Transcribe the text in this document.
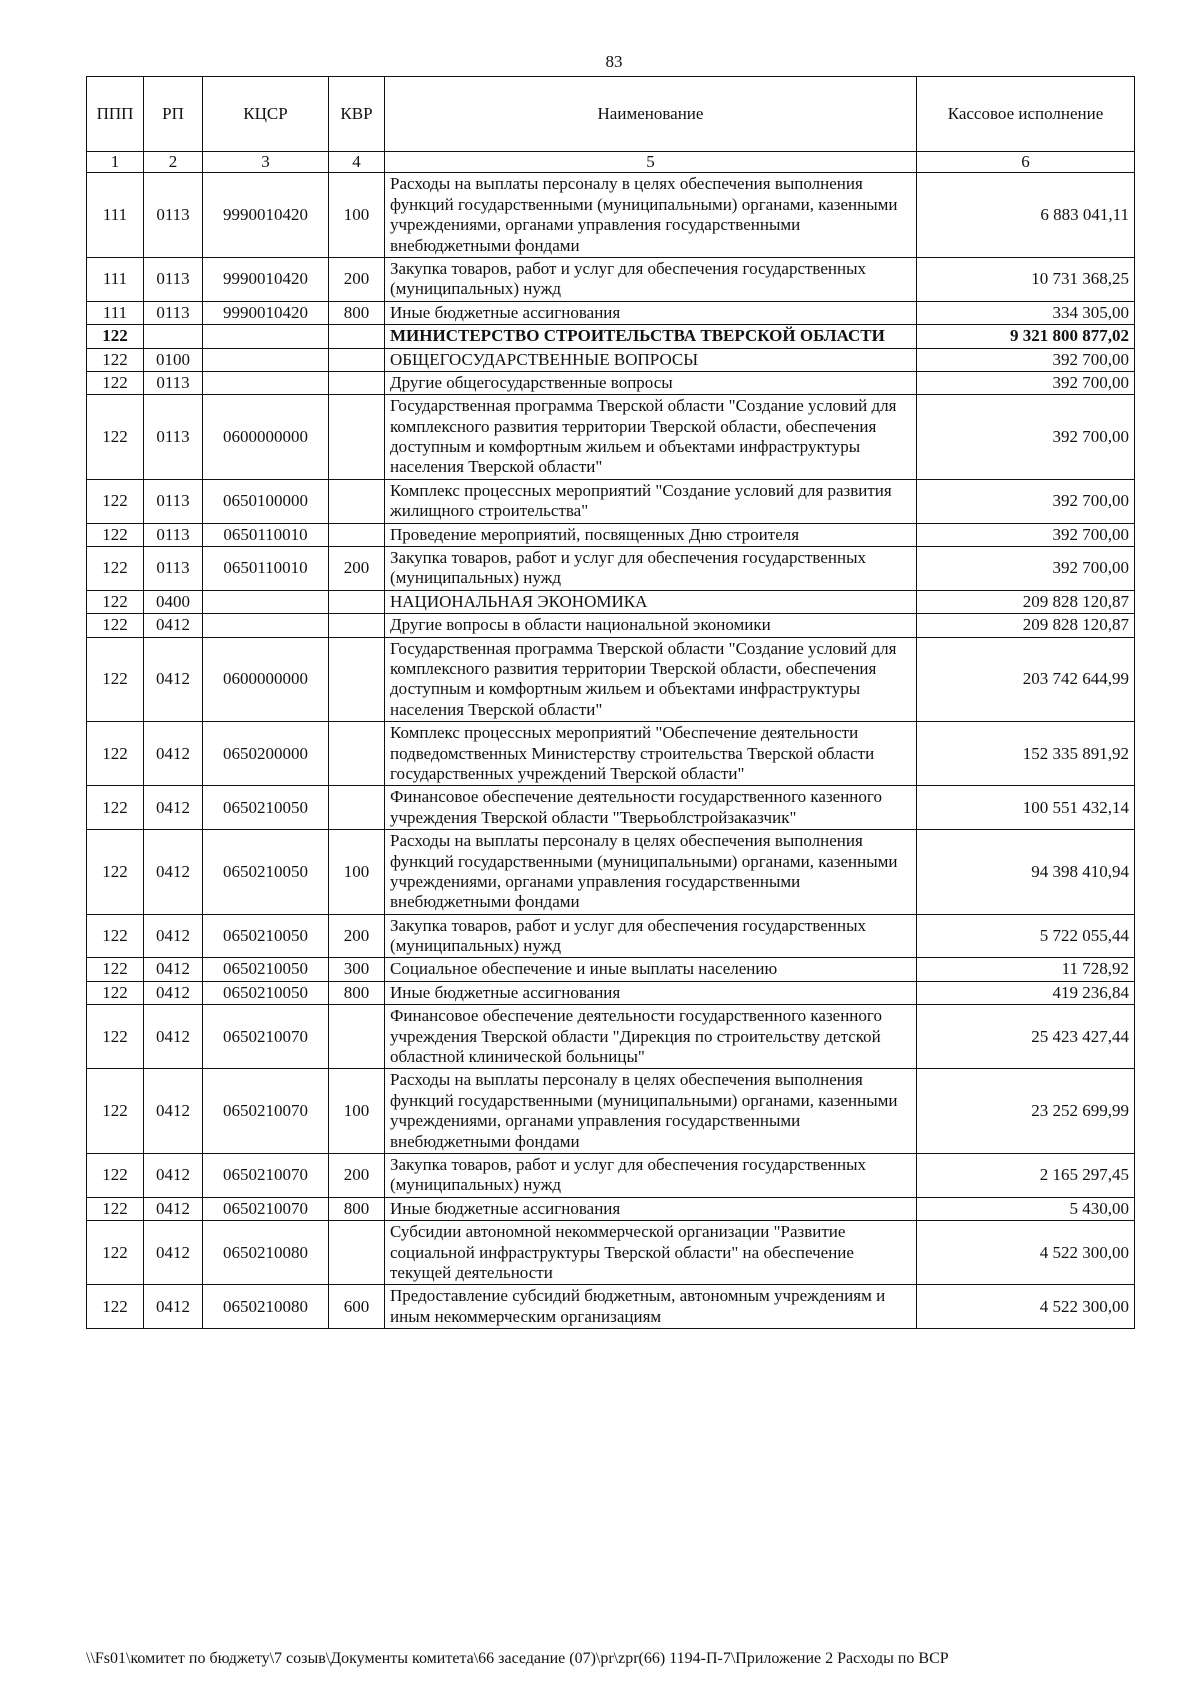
83
ППП	РП	КЦСР	КВР	Наименование	Кассовое исполнение
1	2	3	4	5	6
111	0113	9990010420	100	Расходы на выплаты персоналу в целях обеспечения выполнения функций государственными (муниципальными) органами, казенными учреждениями, органами управления государственными внебюджетными фондами	6 883 041,11
111	0113	9990010420	200	Закупка товаров, работ и услуг для обеспечения государственных (муниципальных) нужд	10 731 368,25
111	0113	9990010420	800	Иные бюджетные ассигнования	334 305,00
122				МИНИСТЕРСТВО СТРОИТЕЛЬСТВА ТВЕРСКОЙ ОБЛАСТИ	9 321 800 877,02
122	0100			ОБЩЕГОСУДАРСТВЕННЫЕ ВОПРОСЫ	392 700,00
122	0113			Другие общегосударственные вопросы	392 700,00
122	0113	0600000000		Государственная программа Тверской области "Создание условий для комплексного развития территории Тверской области, обеспечения доступным и комфортным жильем и объектами инфраструктуры населения Тверской области"	392 700,00
122	0113	0650100000		Комплекс процессных мероприятий "Создание условий для развития жилищного строительства"	392 700,00
122	0113	0650110010		Проведение мероприятий, посвященных Дню строителя	392 700,00
122	0113	0650110010	200	Закупка товаров, работ и услуг для обеспечения государственных (муниципальных) нужд	392 700,00
122	0400			НАЦИОНАЛЬНАЯ ЭКОНОМИКА	209 828 120,87
122	0412			Другие вопросы в области национальной экономики	209 828 120,87
122	0412	0600000000		Государственная программа Тверской области "Создание условий для комплексного развития территории Тверской области, обеспечения доступным и комфортным жильем и объектами инфраструктуры населения Тверской области"	203 742 644,99
122	0412	0650200000		Комплекс процессных мероприятий "Обеспечение деятельности подведомственных Министерству строительства Тверской области государственных учреждений Тверской области"	152 335 891,92
122	0412	0650210050		Финансовое обеспечение деятельности государственного казенного учреждения Тверской области "Тверьоблстройзаказчик"	100 551 432,14
122	0412	0650210050	100	Расходы на выплаты персоналу в целях обеспечения выполнения функций государственными (муниципальными) органами, казенными учреждениями, органами управления государственными внебюджетными фондами	94 398 410,94
122	0412	0650210050	200	Закупка товаров, работ и услуг для обеспечения государственных (муниципальных) нужд	5 722 055,44
122	0412	0650210050	300	Социальное обеспечение и иные выплаты населению	11 728,92
122	0412	0650210050	800	Иные бюджетные ассигнования	419 236,84
122	0412	0650210070		Финансовое обеспечение деятельности государственного казенного учреждения Тверской области "Дирекция по строительству детской областной клинической больницы"	25 423 427,44
122	0412	0650210070	100	Расходы на выплаты персоналу в целях обеспечения выполнения функций государственными (муниципальными) органами, казенными учреждениями, органами управления государственными внебюджетными фондами	23 252 699,99
122	0412	0650210070	200	Закупка товаров, работ и услуг для обеспечения государственных (муниципальных) нужд	2 165 297,45
122	0412	0650210070	800	Иные бюджетные ассигнования	5 430,00
122	0412	0650210080		Субсидии автономной некоммерческой организации "Развитие социальной инфраструктуры Тверской области" на обеспечение текущей деятельности	4 522 300,00
122	0412	0650210080	600	Предоставление субсидий бюджетным, автономным учреждениям и иным некоммерческим организациям	4 522 300,00
\\Fs01\комитет по бюджету\7 созыв\Документы комитета\66 заседание (07)\pr\zpr(66) 1194-П-7\Приложение 2 Расходы по ВСР
